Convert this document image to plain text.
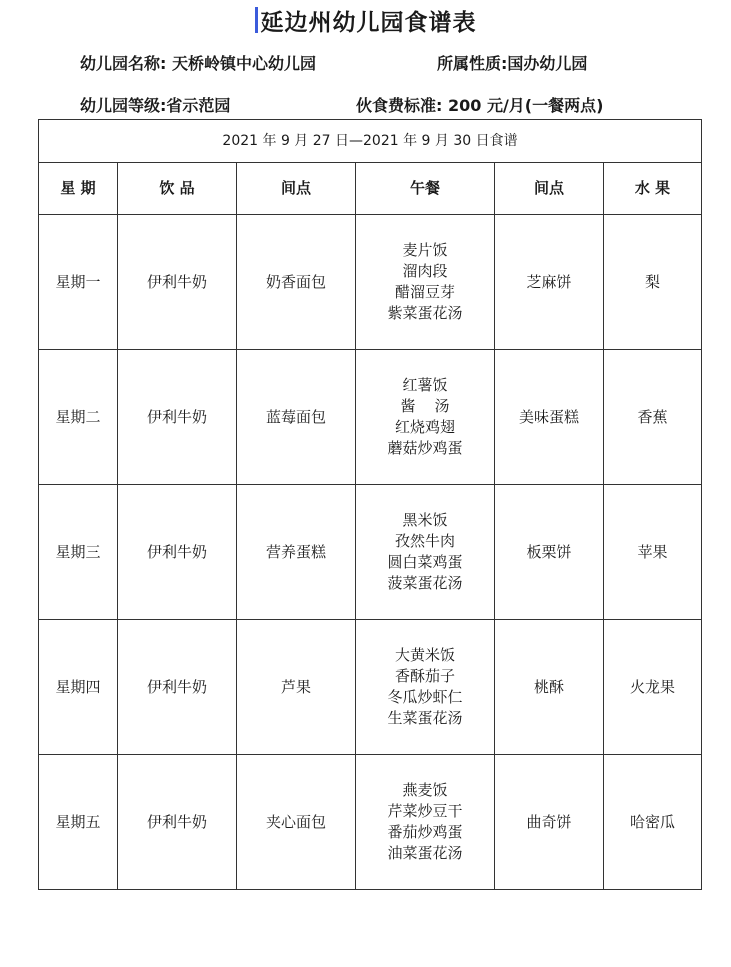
延边州幼儿园食谱表
幼儿园名称: 天桥岭镇中心幼儿园	所属性质:国办幼儿园
幼儿园等级:省示范园	伙食费标准: 200 元/月(一餐两点)
2021 年 9 月 27 日—2021 年 9 月 30 日食谱					
星 期	饮 品	间点	午餐	间点	水 果
星期一	伊利牛奶	奶香面包	麦片饭
溜肉段
醋溜豆芽
紫菜蛋花汤	芝麻饼	梨
星期二	伊利牛奶	蓝莓面包	红薯饭
酱    汤
红烧鸡翅
蘑菇炒鸡蛋	美味蛋糕	香蕉
星期三	伊利牛奶	营养蛋糕	黑米饭
孜然牛肉
圆白菜鸡蛋
菠菜蛋花汤	板栗饼	苹果
星期四	伊利牛奶	芦果	大黄米饭
香酥茄子
冬瓜炒虾仁
生菜蛋花汤	桃酥	火龙果
星期五	伊利牛奶	夹心面包	燕麦饭
芹菜炒豆干
番茄炒鸡蛋
油菜蛋花汤	曲奇饼	哈密瓜
